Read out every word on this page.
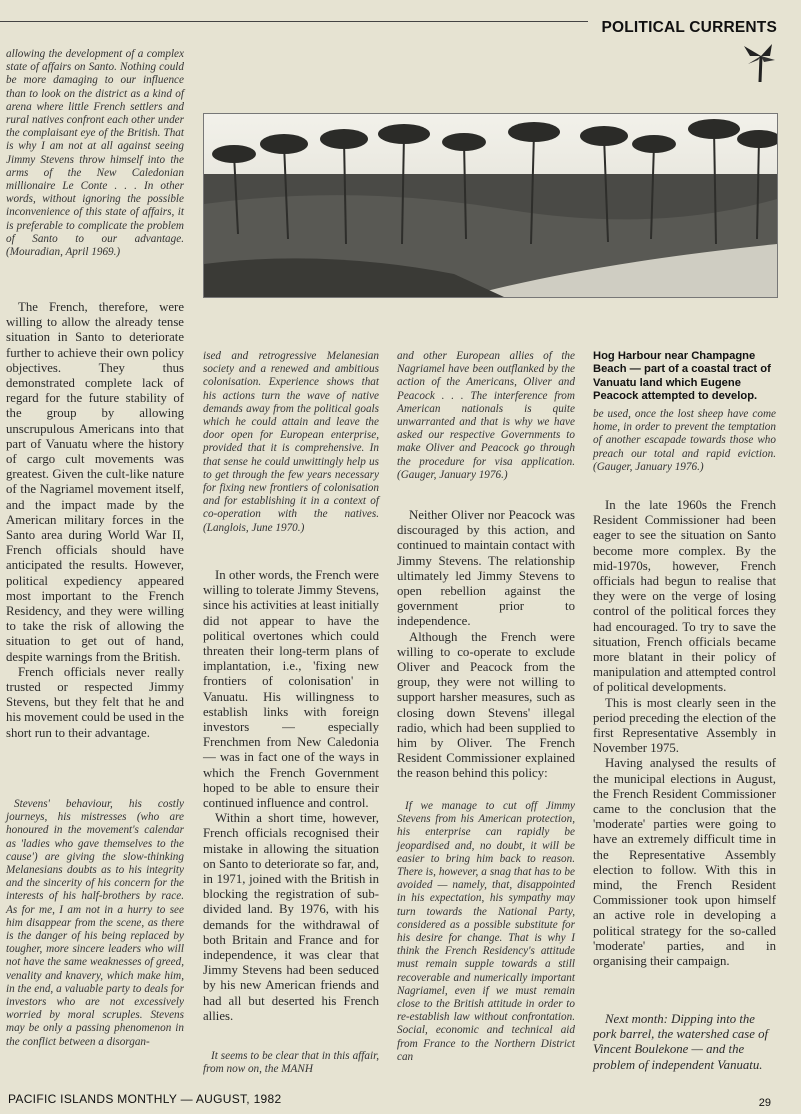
POLITICAL CURRENTS

allowing the development of a complex state of affairs on Santo. Nothing could be more damaging to our influence than to look on the district as a kind of arena where little French settlers and rural natives confront each other under the complaisant eye of the British. That is why I am not at all against seeing Jimmy Stevens throw himself into the arms of the New Caledonian millionaire Le Conte . . . In other words, without ignoring the possible inconvenience of this state of affairs, it is preferable to complicate the problem of Santo to our advantage. (Mouradian, April 1969.)

The French, therefore, were willing to allow the already tense situation in Santo to deteriorate further to achieve their own policy objectives. They thus demonstrated complete lack of regard for the future stability of the group by allowing unscrupulous Americans into that part of Vanuatu where the history of cargo cult movements was greatest. Given the cult-like nature of the Nagriamel movement itself, and the impact made by the American military forces in the Santo area during World War II, French officials should have anticipated the results. However, political expediency appeared most important to the French Residency, and they were willing to take the risk of allowing the situation to get out of hand, despite warnings from the British.

French officials never really trusted or respected Jimmy Stevens, but they felt that he and his movement could be used in the short run to their advantage.

Stevens' behaviour, his costly journeys, his mistresses (who are honoured in the movement's calendar as 'ladies who gave themselves to the cause') are giving the slow-thinking Melanesians doubts as to his integrity and the sincerity of his concern for the interests of his half-brothers by race. As for me, I am not in a hurry to see him disappear from the scene, as there is the danger of his being replaced by tougher, more sincere leaders who will not have the same weaknesses of greed, venality and knavery, which make him, in the end, a valuable party to deals for investors who are not excessively worried by moral scruples. Stevens may be only a passing phenomenon in the conflict between a disorgan-

ised and retrogressive Melanesian society and a renewed and ambitious colonisation. Experience shows that his actions turn the wave of native demands away from the political goals which he could attain and leave the door open for European enterprise, provided that it is comprehensive. In that sense he could unwittingly help us to get through the few years necessary for fixing new frontiers of colonisation and for establishing it in a context of co-operation with the natives. (Langlois, June 1970.)

In other words, the French were willing to tolerate Jimmy Stevens, since his activities at least initially did not appear to have the political overtones which could threaten their long-term plans of implantation, i.e., 'fixing new frontiers of colonisation' in Vanuatu. His willingness to establish links with foreign investors — especially Frenchmen from New Caledonia — was in fact one of the ways in which the French Government hoped to be able to ensure their continued influence and control.

Within a short time, however, French officials recognised their mistake in allowing the situation on Santo to deteriorate so far, and, in 1971, joined with the British in blocking the registration of sub-divided land. By 1976, with his demands for the withdrawal of both Britain and France and for independence, it was clear that Jimmy Stevens had been seduced by his new American friends and had all but deserted his French allies.

It seems to be clear that in this affair, from now on, the MANH

and other European allies of the Nagriamel have been outflanked by the action of the Americans, Oliver and Peacock . . . The interference from American nationals is quite unwarranted and that is why we have asked our respective Governments to make Oliver and Peacock go through the procedure for visa application. (Gauger, January 1976.)

Neither Oliver nor Peacock was discouraged by this action, and continued to maintain contact with Jimmy Stevens. The relationship ultimately led Jimmy Stevens to open rebellion against the government prior to independence.

Although the French were willing to co-operate to exclude Oliver and Peacock from the group, they were not willing to support harsher measures, such as closing down Stevens' illegal radio, which had been supplied to him by Oliver. The French Resident Commissioner explained the reason behind this policy:

If we manage to cut off Jimmy Stevens from his American protection, his enterprise can rapidly be jeopardised and, no doubt, it will be easier to bring him back to reason. There is, however, a snag that has to be avoided — namely, that, disappointed in his expectation, his sympathy may turn towards the National Party, considered as a possible substitute for his desire for change. That is why I think the French Residency's attitude must remain supple towards a still recoverable and numerically important Nagriamel, even if we must remain close to the British attitude in order to re-establish law without confrontation. Social, economic and technical aid from France to the Northern District can

Hog Harbour near Champagne Beach — part of a coastal tract of Vanuatu land which Eugene Peacock attempted to develop.

be used, once the lost sheep have come home, in order to prevent the temptation of another escapade towards those who preach our total and rapid eviction. (Gauger, January 1976.)

In the late 1960s the French Resident Commissioner had been eager to see the situation on Santo become more complex. By the mid-1970s, however, French officials had begun to realise that they were on the verge of losing control of the political forces they had encouraged. To try to save the situation, French officials became more blatant in their policy of manipulation and attempted control of political developments.

This is most clearly seen in the period preceding the election of the first Representative Assembly in November 1975.

Having analysed the results of the municipal elections in August, the French Resident Commissioner came to the conclusion that the 'moderate' parties were going to have an extremely difficult time in the Representative Assembly election to follow. With this in mind, the French Resident Commissioner took upon himself an active role in developing a political strategy for the so-called 'moderate' parties, and in organising their campaign.

Next month: Dipping into the pork barrel, the watershed case of Vincent Boulekone — and the problem of independent Vanuatu.

PACIFIC ISLANDS MONTHLY — AUGUST, 1982	29
